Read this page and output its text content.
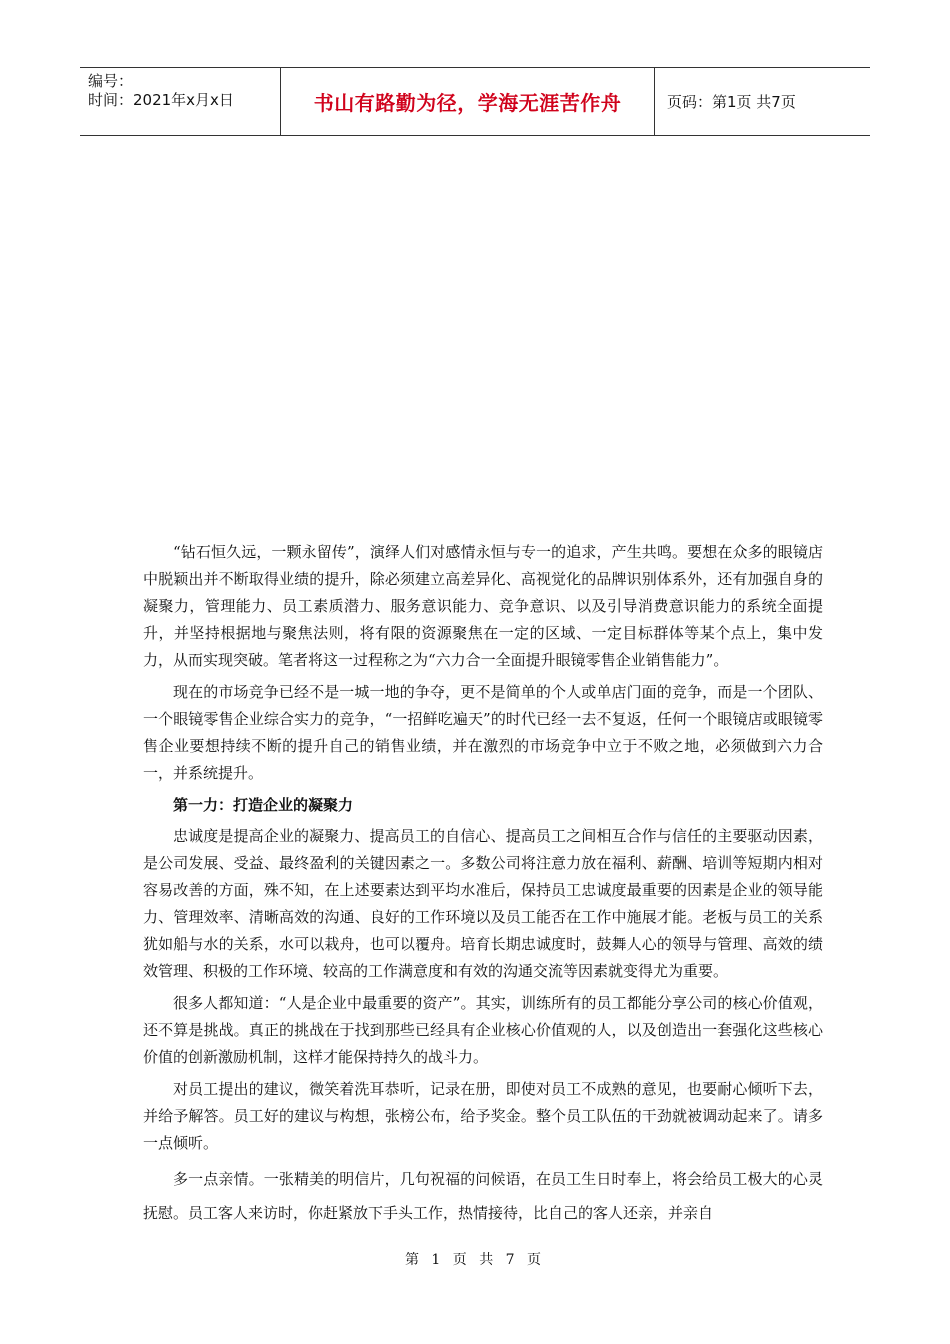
编号：
时间：2021年x月x日	书山有路勤为径，学海无涯苦作舟	页码：第1页 共7页

“钻石恒久远，一颗永留传”，演绎人们对感情永恒与专一的追求，产生共鸣。要想在众多的眼镜店中脱颖出并不断取得业绩的提升，除必须建立高差异化、高视觉化的品牌识别体系外，还有加强自身的凝聚力，管理能力、员工素质潜力、服务意识能力、竞争意识、以及引导消费意识能力的系统全面提升，并坚持根据地与聚焦法则，将有限的资源聚焦在一定的区域、一定目标群体等某个点上，集中发力，从而实现突破。笔者将这一过程称之为“六力合一全面提升眼镜零售企业销售能力”。

现在的市场竞争已经不是一城一地的争夺，更不是简单的个人或单店门面的竞争，而是一个团队、一个眼镜零售企业综合实力的竞争，“一招鲜吃遍天”的时代已经一去不复返，任何一个眼镜店或眼镜零售企业要想持续不断的提升自己的销售业绩，并在激烈的市场竞争中立于不败之地，必须做到六力合一，并系统提升。

第一力：打造企业的凝聚力

忠诚度是提高企业的凝聚力、提高员工的自信心、提高员工之间相互合作与信任的主要驱动因素，是公司发展、受益、最终盈利的关键因素之一。多数公司将注意力放在福利、薪酬、培训等短期内相对容易改善的方面，殊不知，在上述要素达到平均水准后，保持员工忠诚度最重要的因素是企业的领导能力、管理效率、清晰高效的沟通、良好的工作环境以及员工能否在工作中施展才能。老板与员工的关系犹如船与水的关系，水可以栽舟，也可以覆舟。培育长期忠诚度时，鼓舞人心的领导与管理、高效的绩效管理、积极的工作环境、较高的工作满意度和有效的沟通交流等因素就变得尤为重要。

很多人都知道：“人是企业中最重要的资产”。其实，训练所有的员工都能分享公司的核心价值观，还不算是挑战。真正的挑战在于找到那些已经具有企业核心价值观的人，以及创造出一套强化这些核心价值的创新激励机制，这样才能保持持久的战斗力。

对员工提出的建议，微笑着洗耳恭听，记录在册，即使对员工不成熟的意见，也要耐心倾听下去，并给予解答。员工好的建议与构想，张榜公布，给予奖金。整个员工队伍的干劲就被调动起来了。请多一点倾听。

多一点亲情。一张精美的明信片，几句祝福的问候语，在员工生日时奉上，将会给员工极大的心灵抚慰。员工客人来访时，你赶紧放下手头工作，热情接待，比自己的客人还亲，并亲自

第 1 页 共 7 页
